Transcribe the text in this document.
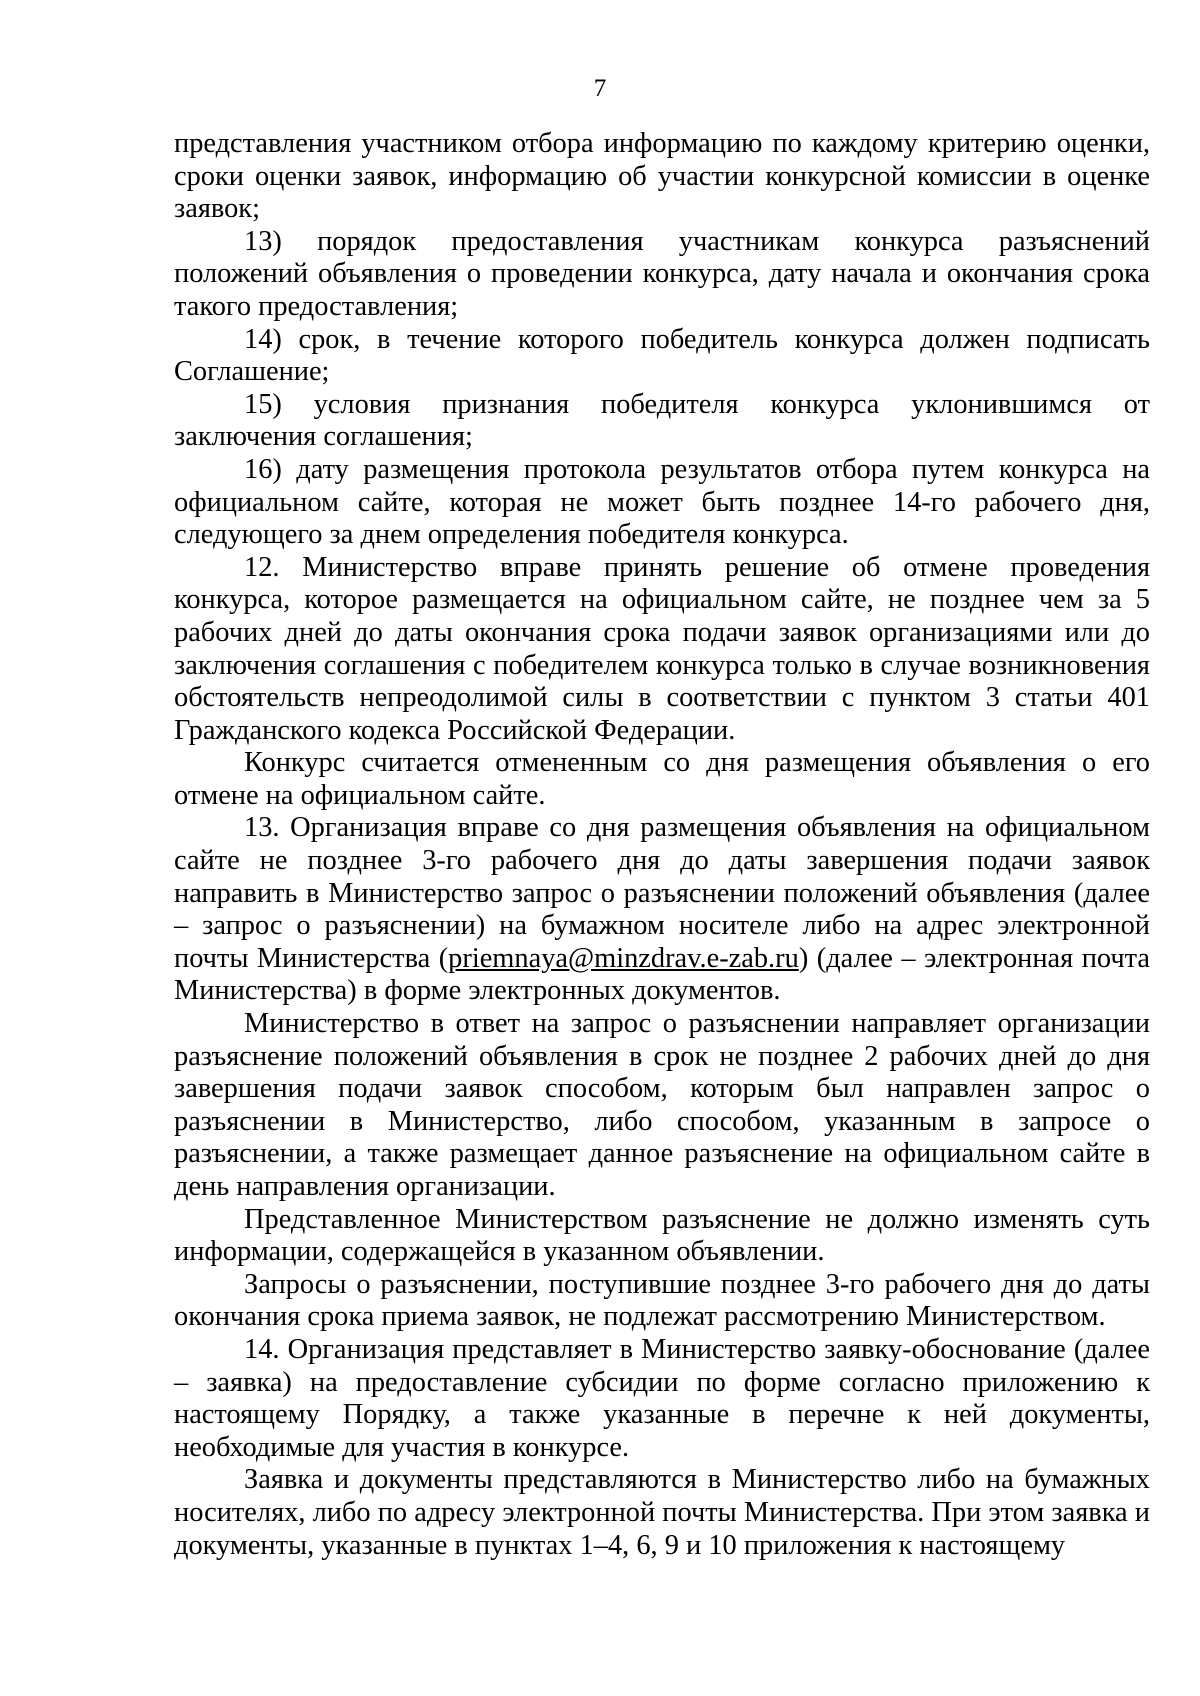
7

представления участником отбора информацию по каждому критерию оценки, сроки оценки заявок, информацию об участии конкурсной комиссии в оценке заявок;

13) порядок предоставления участникам конкурса разъяснений положений объявления о проведении конкурса, дату начала и окончания срока такого предоставления;

14) срок, в течение которого победитель конкурса должен подписать Соглашение;

15) условия признания победителя конкурса уклонившимся от заключения соглашения;

16) дату размещения протокола результатов отбора путем конкурса на официальном сайте, которая не может быть позднее 14-го рабочего дня, следующего за днем определения победителя конкурса.

12. Министерство вправе принять решение об отмене проведения конкурса, которое размещается на официальном сайте, не позднее чем за 5 рабочих дней до даты окончания срока подачи заявок организациями или до заключения соглашения с победителем конкурса только в случае возникновения обстоятельств непреодолимой силы в соответствии с пунктом 3 статьи 401 Гражданского кодекса Российской Федерации.

Конкурс считается отмененным со дня размещения объявления о его отмене на официальном сайте.

13. Организация вправе со дня размещения объявления на официальном сайте не позднее 3-го рабочего дня до даты завершения подачи заявок направить в Министерство запрос о разъяснении положений объявления (далее – запрос о разъяснении) на бумажном носителе либо на адрес электронной почты Министерства (priemnaya@minzdrav.e-zab.ru) (далее – электронная почта Министерства) в форме электронных документов.

Министерство в ответ на запрос о разъяснении направляет организации разъяснение положений объявления в срок не позднее 2 рабочих дней до дня завершения подачи заявок способом, которым был направлен запрос о разъяснении в Министерство, либо способом, указанным в запросе о разъяснении, а также размещает данное разъяснение на официальном сайте в день направления организации.

Представленное Министерством разъяснение не должно изменять суть информации, содержащейся в указанном объявлении.

Запросы о разъяснении, поступившие позднее 3-го рабочего дня до даты окончания срока приема заявок, не подлежат рассмотрению Министерством.

14. Организация представляет в Министерство заявку-обоснование (далее – заявка) на предоставление субсидии по форме согласно приложению к настоящему Порядку, а также указанные в перечне к ней документы, необходимые для участия в конкурсе.

Заявка и документы представляются в Министерство либо на бумажных носителях, либо по адресу электронной почты Министерства. При этом заявка и документы, указанные в пунктах 1–4, 6, 9 и 10 приложения к настоящему
